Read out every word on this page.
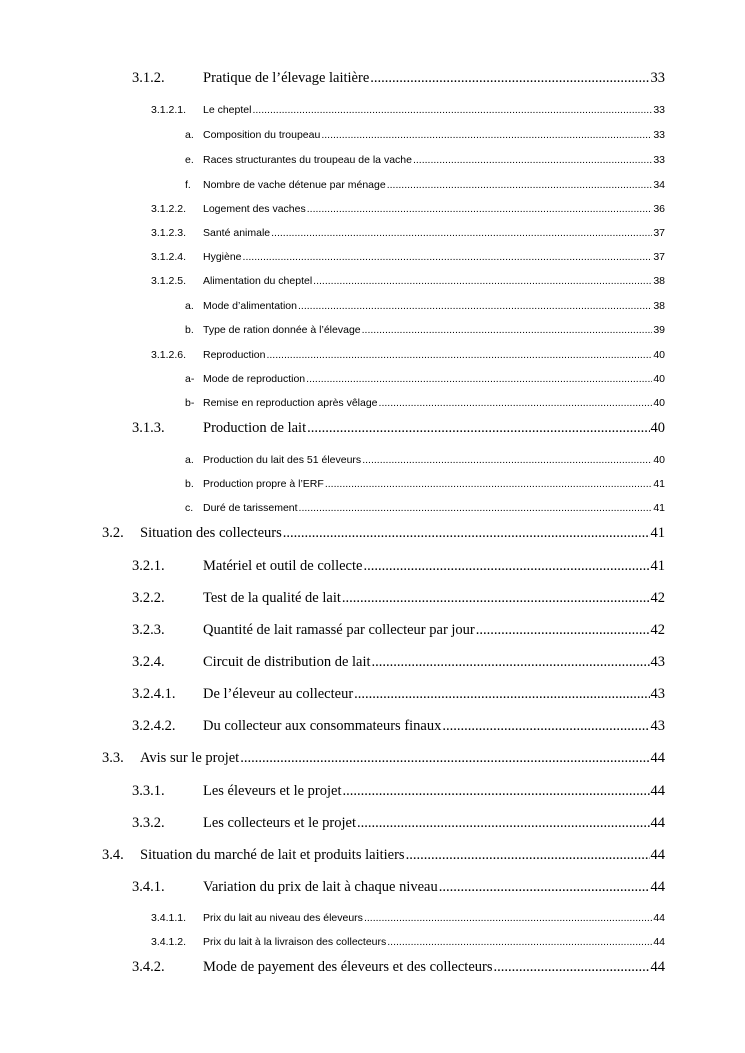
3.1.2.	Pratique de l’élevage laitière .....	33
3.1.2.1.	Le cheptel .....	33
a. Composition du troupeau .....	33
e. Races structurantes du troupeau de la vache .....	33
f.	Nombre de vache détenue par ménage .....	34
3.1.2.2.	Logement des vaches .....	36
3.1.2.3.	Santé animale .....	37
3.1.2.4.	Hygiène .....	37
3.1.2.5.	Alimentation du cheptel .....	38
a. Mode d’alimentation .....	38
b. Type de ration donnée à l’élevage .....	39
3.1.2.6.	Reproduction .....	40
a- Mode de reproduction .....	40
b- Remise en reproduction après vêlage .....	40
3.1.3.	Production de lait .....	40
a. Production du lait des 51 éleveurs .....	40
b. Production propre à l’ERF .....	41
c. Duré de tarissement .....	41
3.2.	Situation des collecteurs .....	41
3.2.1.	Matériel et outil de collecte .....	41
3.2.2.	Test de la qualité de lait .....	42
3.2.3.	Quantité de lait ramassé par collecteur par jour .....	42
3.2.4.	Circuit de distribution de lait .....	43
3.2.4.1.	De l’éleveur au collecteur .....	43
3.2.4.2.	Du collecteur aux consommateurs finaux .....	43
3.3.	Avis sur le projet .....	44
3.3.1.	Les éleveurs et le projet .....	44
3.3.2.	Les collecteurs et le projet .....	44
3.4.	Situation du marché de lait et produits laitiers .....	44
3.4.1.	Variation du prix de lait à chaque niveau .....	44
3.4.1.1.	Prix du lait au niveau des éleveurs .....	44
3.4.1.2.	Prix du lait à la livraison des collecteurs .....	44
3.4.2.	Mode de payement des éleveurs et des collecteurs .....	44
